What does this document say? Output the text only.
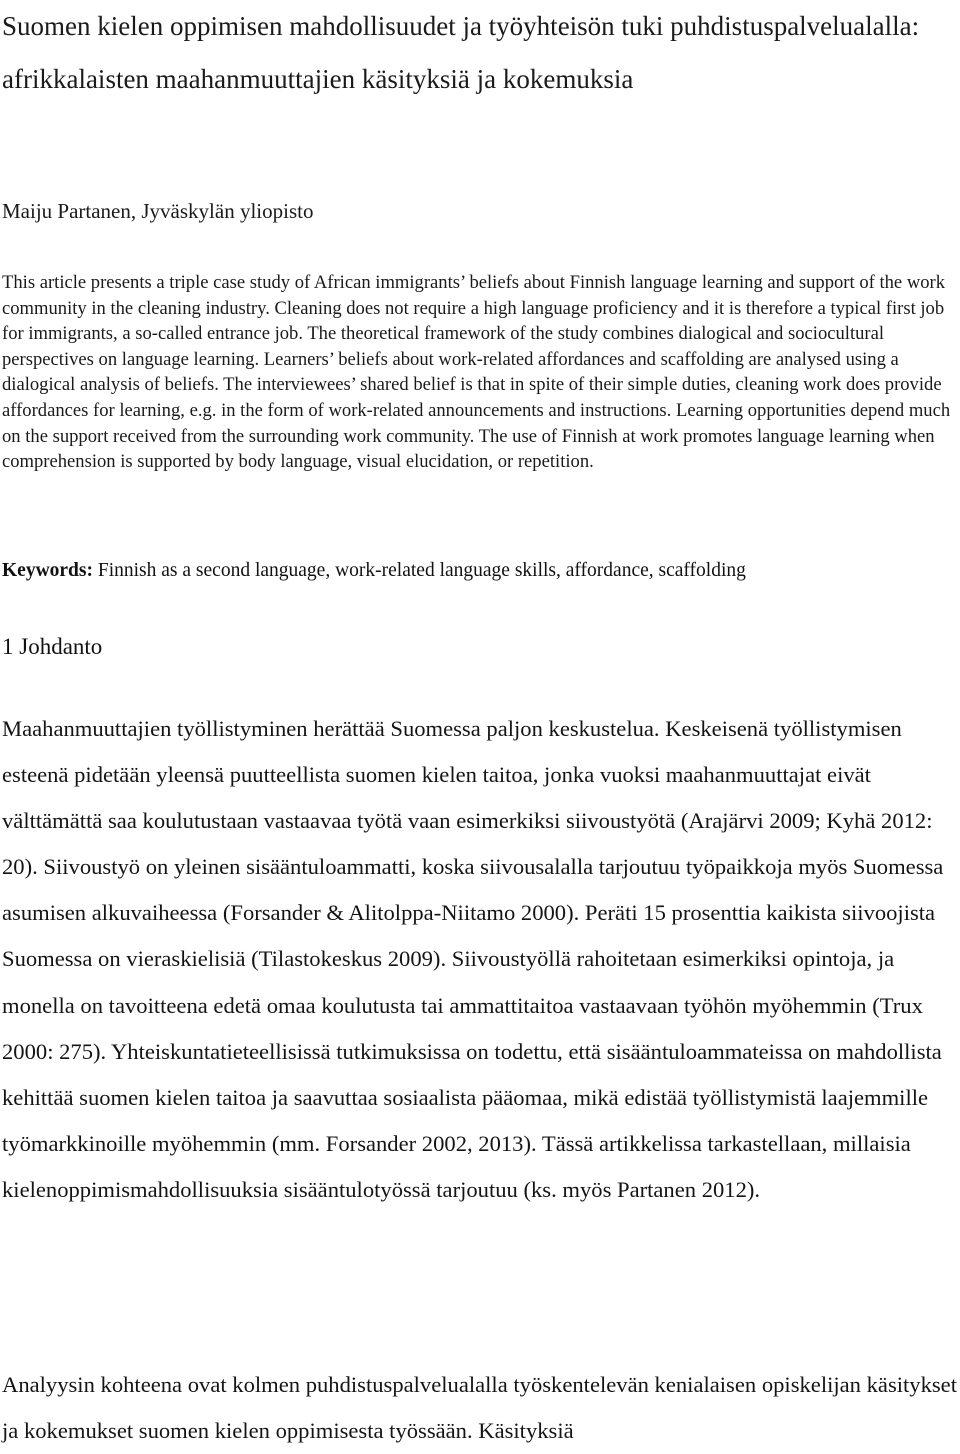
Suomen kielen oppimisen mahdollisuudet ja työyhteisön tuki puhdistuspalvelualalla: afrikkalaisten maahanmuuttajien käsityksiä ja kokemuksia

Maiju Partanen, Jyväskylän yliopisto

This article presents a triple case study of African immigrants’ beliefs about Finnish language learning and support of the work community in the cleaning industry. Cleaning does not require a high language proficiency and it is therefore a typical first job for immigrants, a so-called entrance job. The theoretical framework of the study combines dialogical and sociocultural perspectives on language learning. Learners’ beliefs about work-related affordances and scaffolding are analysed using a dialogical analysis of beliefs. The interviewees’ shared belief is that in spite of their simple duties, cleaning work does provide affordances for learning, e.g. in the form of work-related announcements and instructions. Learning opportunities depend much on the support received from the surrounding work community. The use of Finnish at work promotes language learning when comprehension is supported by body language, visual elucidation, or repetition.

Keywords: Finnish as a second language, work-related language skills, affordance, scaffolding

1 Johdanto

Maahanmuuttajien työllistyminen herättää Suomessa paljon keskustelua. Keskeisenä työllistymisen esteenä pidetään yleensä puutteellista suomen kielen taitoa, jonka vuoksi maahanmuuttajat eivät välttämättä saa koulutustaan vastaavaa työtä vaan esimerkiksi siivoustyötä (Arajärvi 2009; Kyhä 2012: 20). Siivoustyö on yleinen sisääntuloammatti, koska siivousalalla tarjoutuu työpaikkoja myös Suomessa asumisen alkuvaiheessa (Forsander & Alitolppa-Niitamo 2000). Peräti 15 prosenttia kaikista siivoojista Suomessa on vieraskielisiä (Tilastokeskus 2009). Siivoustyöllä rahoitetaan esimerkiksi opintoja, ja monella on tavoitteena edetä omaa koulutusta tai ammattitaitoa vastaavaan työhön myöhemmin (Trux 2000: 275). Yhteiskuntatieteellisissä tutkimuksissa on todettu, että sisääntuloammateissa on mahdollista kehittää suomen kielen taitoa ja saavuttaa sosiaalista pääomaa, mikä edistää työllistymistä laajemmille työmarkkinoille myöhemmin (mm. Forsander 2002, 2013). Tässä artikkelissa tarkastellaan, millaisia kielenoppimismahdollisuuksia sisääntulotyössä tarjoutuu (ks. myös Partanen 2012).

Analyysin kohteena ovat kolmen puhdistuspalvelualalla työskentelevän kenialaisen opiskelijan käsitykset ja kokemukset suomen kielen oppimisesta työssään. Käsityksiä
